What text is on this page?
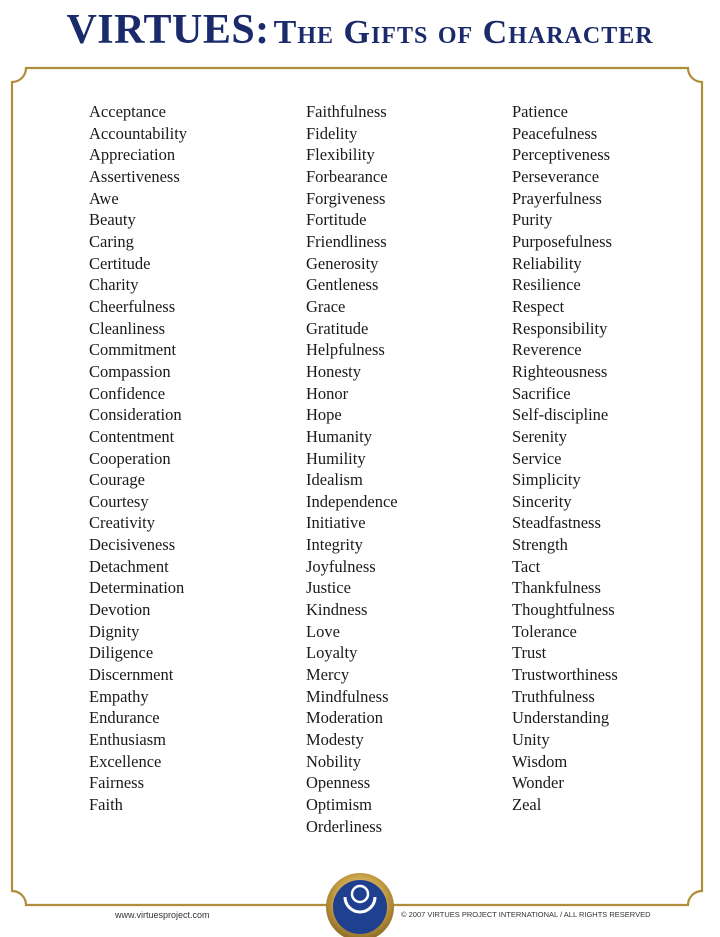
VIRTUES: The Gifts of Character
Acceptance
Accountability
Appreciation
Assertiveness
Awe
Beauty
Caring
Certitude
Charity
Cheerfulness
Cleanliness
Commitment
Compassion
Confidence
Consideration
Contentment
Cooperation
Courage
Courtesy
Creativity
Decisiveness
Detachment
Determination
Devotion
Dignity
Diligence
Discernment
Empathy
Endurance
Enthusiasm
Excellence
Fairness
Faith
Faithfulness
Fidelity
Flexibility
Forbearance
Forgiveness
Fortitude
Friendliness
Generosity
Gentleness
Grace
Gratitude
Helpfulness
Honesty
Honor
Hope
Humanity
Humility
Idealism
Independence
Initiative
Integrity
Joyfulness
Justice
Kindness
Love
Loyalty
Mercy
Mindfulness
Moderation
Modesty
Nobility
Openness
Optimism
Orderliness
Patience
Peacefulness
Perceptiveness
Perseverance
Prayerfulness
Purity
Purposefulness
Reliability
Resilience
Respect
Responsibility
Reverence
Righteousness
Sacrifice
Self-discipline
Serenity
Service
Simplicity
Sincerity
Steadfastness
Strength
Tact
Thankfulness
Thoughtfulness
Tolerance
Trust
Trustworthiness
Truthfulness
Understanding
Unity
Wisdom
Wonder
Zeal
www.virtuesproject.com	© 2007 VIRTUES PROJECT INTERNATIONAL / ALL RIGHTS RESERVED
